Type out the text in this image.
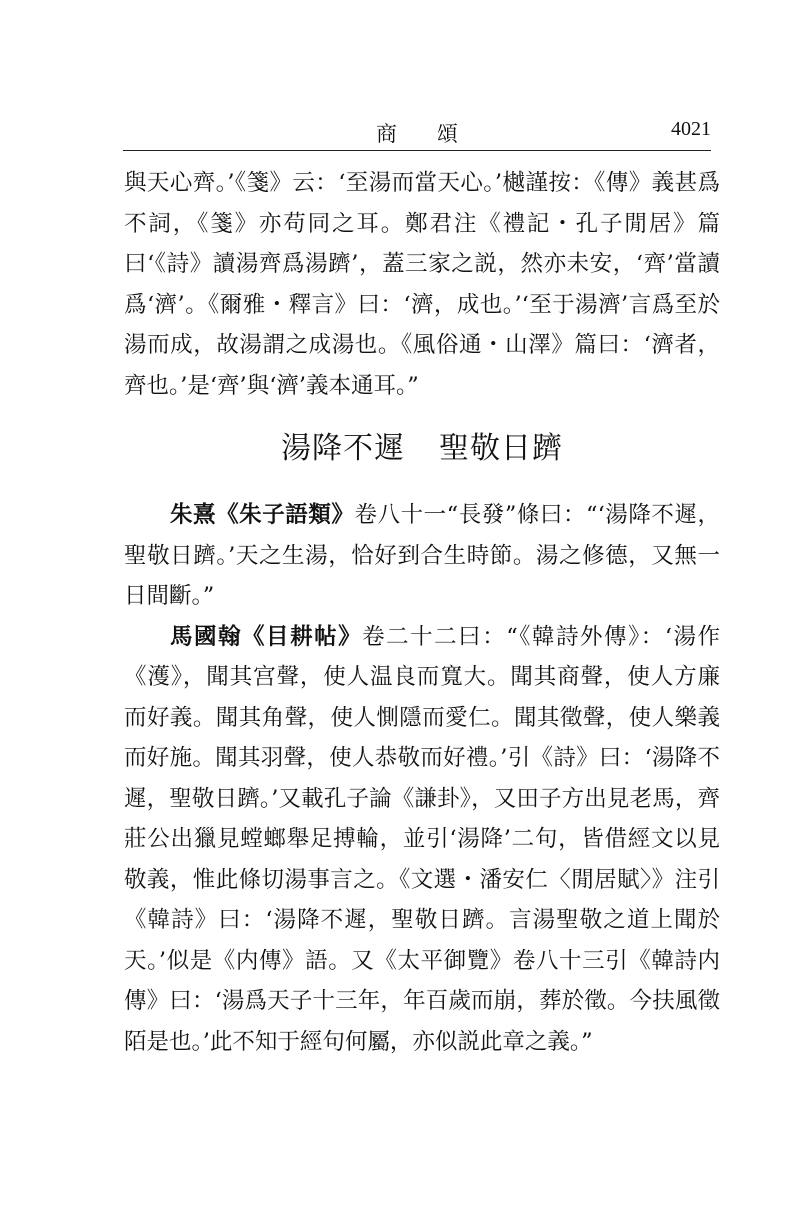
商頌	4021

與天心齊。’《箋》云：‘至湯而當天心。’樾謹按：《傳》義甚爲不詞，《箋》亦苟同之耳。鄭君注《禮記・孔子閒居》篇曰‘《詩》讀湯齊爲湯躋’，蓋三家之説，然亦未安，‘齊’當讀爲‘濟’。《爾雅・釋言》曰：‘濟，成也。’‘至于湯濟’言爲至於湯而成，故湯謂之成湯也。《風俗通・山澤》篇曰：‘濟者，齊也。’是‘齊’與‘濟’義本通耳。”

湯降不遲 聖敬日躋

朱熹《朱子語類》卷八十一“長發”條曰：“‘湯降不遲，聖敬日躋。’天之生湯，恰好到合生時節。湯之修德，又無一日間斷。”

馬國翰《目耕帖》卷二十二曰：“《韓詩外傳》：‘湯作《濩》，聞其宫聲，使人温良而寬大。聞其商聲，使人方廉而好義。聞其角聲，使人惻隱而愛仁。聞其徵聲，使人樂義而好施。聞其羽聲，使人恭敬而好禮。’引《詩》曰：‘湯降不遲，聖敬日躋。’又載孔子論《謙卦》，又田子方出見老馬，齊莊公出獵見螳螂舉足搏輪，並引‘湯降’二句，皆借經文以見敬義，惟此條切湯事言之。《文選・潘安仁〈閒居賦〉》注引《韓詩》曰：‘湯降不遲，聖敬日躋。言湯聖敬之道上聞於天。’似是《内傳》語。又《太平御覽》卷八十三引《韓詩内傳》曰：‘湯爲天子十三年，年百歲而崩，葬於徵。今扶風徵陌是也。’此不知于經句何屬，亦似説此章之義。”
